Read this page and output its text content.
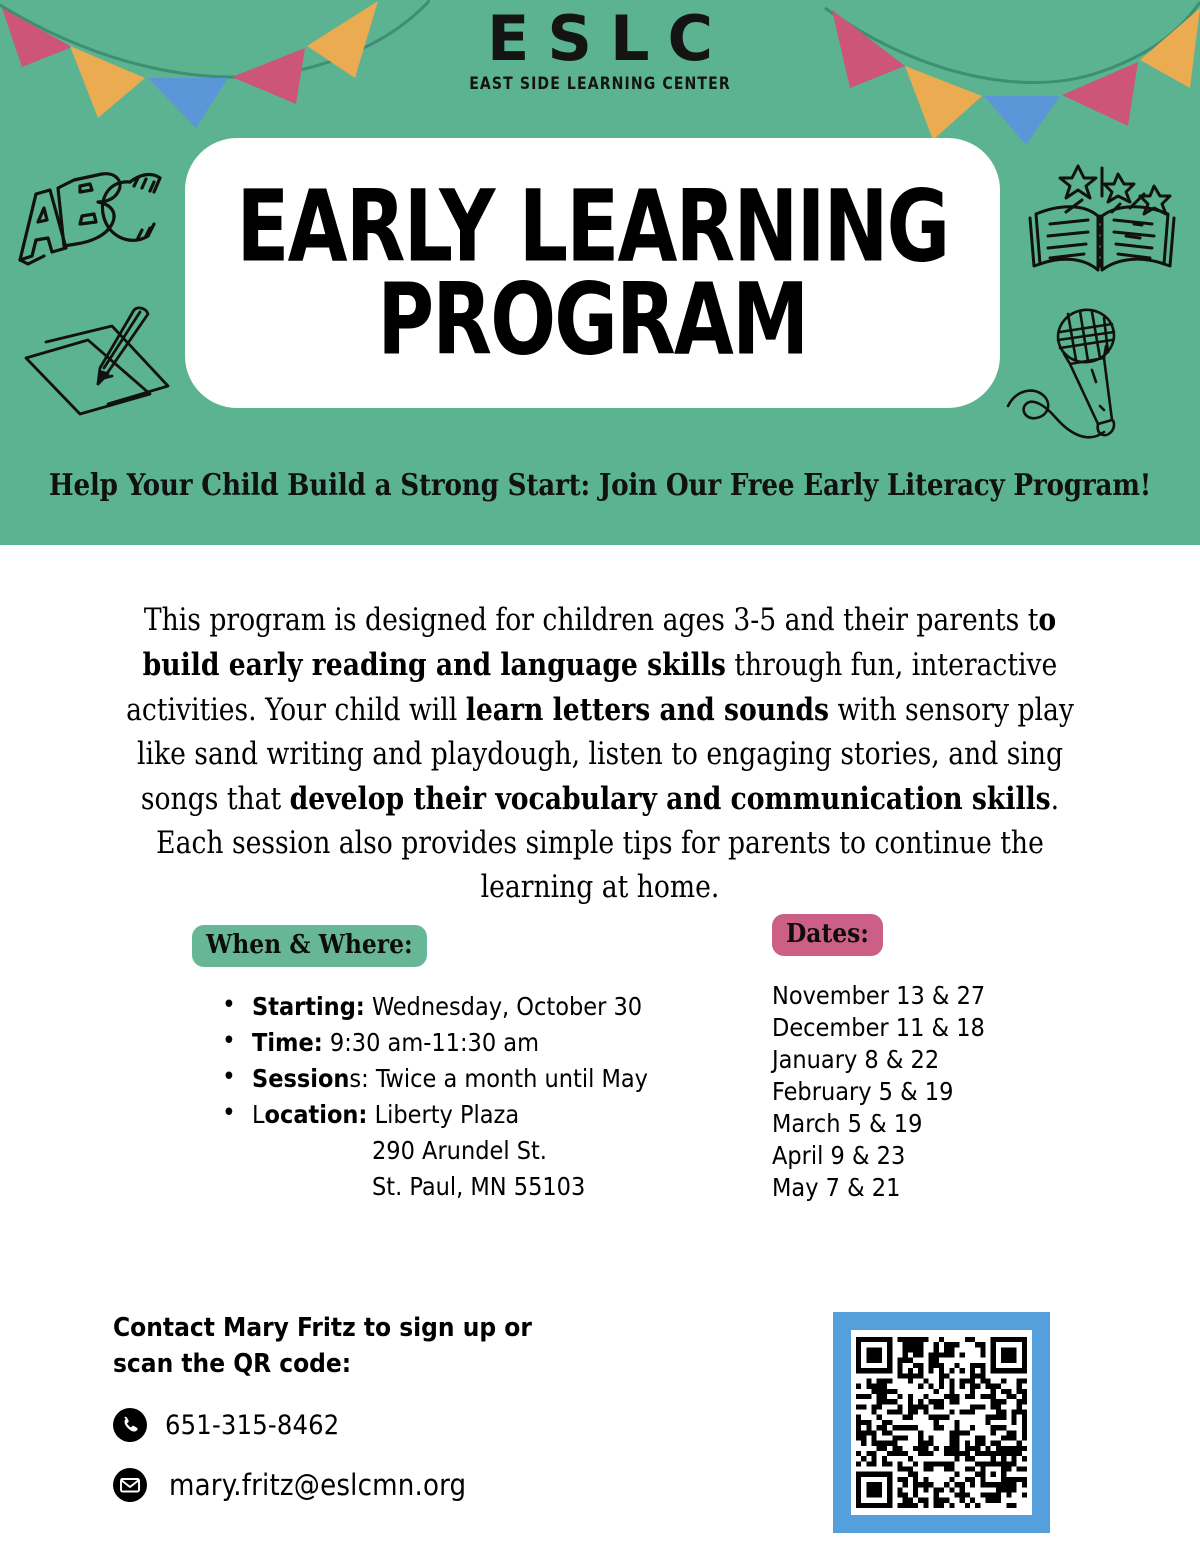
ESLC
EAST SIDE LEARNING CENTER
EARLY LEARNING
PROGRAM
Help Your Child Build a Strong Start: Join Our Free Early Literacy Program!
This program is designed for children ages 3-5 and their parents to build early reading and language skills through fun, interactive activities. Your child will learn letters and sounds with sensory play like sand writing and playdough, listen to engaging stories, and sing songs that develop their vocabulary and communication skills. Each session also provides simple tips for parents to continue the learning at home.
When & Where:
• Starting: Wednesday, October 30
• Time: 9:30 am-11:30 am
• Sessions: Twice a month until May
• Location: Liberty Plaza
290 Arundel St.
St. Paul, MN 55103
Dates:
November 13 & 27
December 11 & 18
January 8 & 22
February 5 & 19
March 5 & 19
April 9 & 23
May 7 & 21
Contact Mary Fritz to sign up or
scan the QR code:
651-315-8462
mary.fritz@eslcmn.org
